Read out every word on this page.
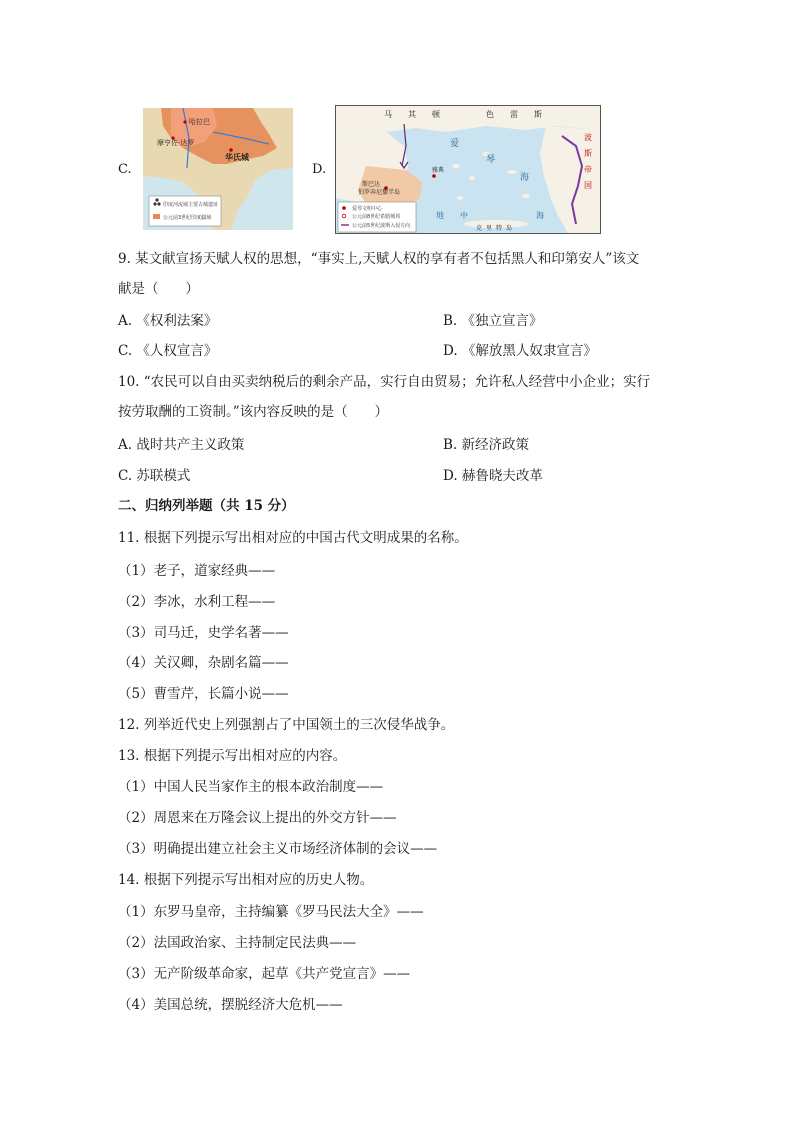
C.
印度河流域主要古城遗址
公元前3世纪印度疆域
哈拉巴
摩亨佐·达罗
华氏城
D.
爱琴文明中心
公元前8世纪希腊城邦
公元前5世纪波斯入侵方向
马 其 顿	色 雷 斯
波
斯
帝
国
雅典
斯巴达
伯罗奔尼撒半岛
爱
琴
海
地 中	海
克 里 特 岛
9. 某文献宣扬天赋人权的思想，“事实上,天赋人权的享有者不包括黑人和印第安人”该文
献是（　　）
A. 《权利法案》	B. 《独立宣言》
C. 《人权宣言》	D. 《解放黑人奴隶宣言》
10. “农民可以自由买卖纳税后的剩余产品，实行自由贸易；允许私人经营中小企业；实行
按劳取酬的工资制。”该内容反映的是（　　）
A. 战时共产主义政策	B. 新经济政策
C. 苏联模式	D. 赫鲁晓夫改革
二、归纳列举题（共 15 分）
11. 根据下列提示写出相对应的中国古代文明成果的名称。
（1）老子，道家经典——
（2）李冰，水利工程——
（3）司马迁，史学名著——
（4）关汉卿，杂剧名篇——
（5）曹雪芹，长篇小说——
12. 列举近代史上列强割占了中国领土的三次侵华战争。
13. 根据下列提示写出相对应的内容。
（1）中国人民当家作主的根本政治制度——
（2）周恩来在万隆会议上提出的外交方针——
（3）明确提出建立社会主义市场经济体制的会议——
14. 根据下列提示写出相对应的历史人物。
（1）东罗马皇帝，主持编纂《罗马民法大全》——
（2）法国政治家、主持制定民法典——
（3）无产阶级革命家，起草《共产党宣言》——
（4）美国总统，摆脱经济大危机——
